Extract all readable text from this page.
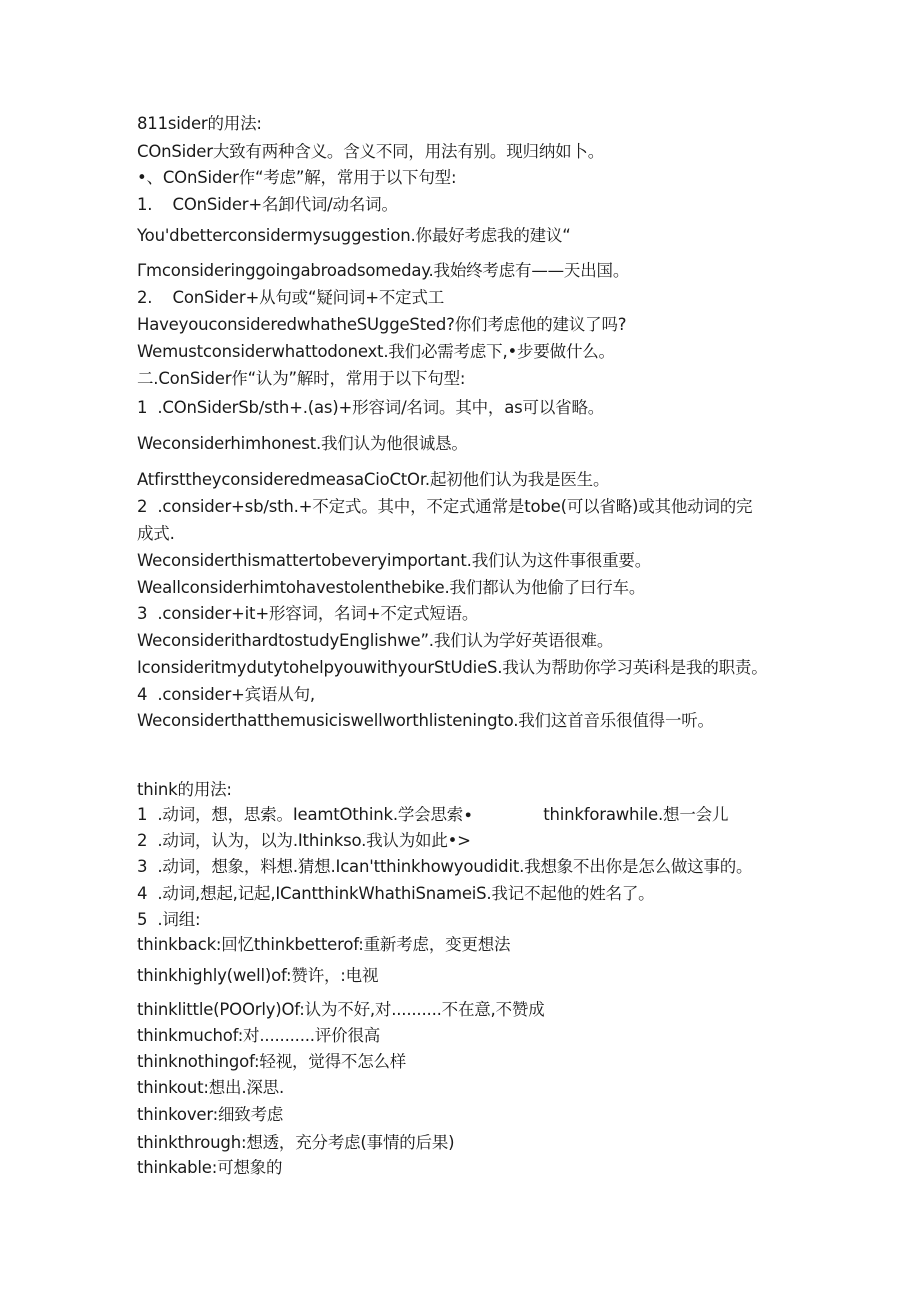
811sider的用法:
COnSider大致有两种含义。含义不同，用法有别。现归纳如卜。
•、COnSider作“考虑”解，常用于以下句型:
1.    COnSider+名卸代词/动名词。
You'dbetterconsidermysuggestion.你最好考虑我的建议“
Γmconsideringgoingabroadsomeday.我始终考虑有——天出国。
2.    ConSider+从句或“疑问词+不定式工
HaveyouconsideredwhatheSUggeSted?你们考虑他的建议了吗?
Wemustconsiderwhattodonext.我们必需考虑下,•步要做什么。
二.ConSider作“认为”解时，常用于以下句型:
1  .COnSiderSb∕sth+.(as)+形容词/名词。其中，as可以省略。
Weconsiderhimhonest.我们认为他很诚恳。
AtfirsttheyconsideredmeasaCioCtOr.起初他们认为我是医生。
2  .consider+sb∕sth.+不定式。其中，不定式通常是tobe(可以省略)或其他动词的完
成式.
Weconsiderthismattertobeveryimportant.我们认为这件事很重要。
Weallconsiderhimtohavestolenthebike.我们都认为他偷了曰行车。
3  .consider+it+形容词，名词+不定式短语。
WeconsiderithardtostudyEnglishwe”.我们认为学好英语很难。
IconsideritmydutytohelpyouwithyourStUdieS.我认为帮助你学习英i科是我的职责。
4  .consider+宾语从句,
Weconsiderthatthemusiciswellworthlisteningto.我们这首音乐很值得一听。
think的用法:
1  .动词，想，思索。IeamtOthink.学会思索∙	thinkforawhile.想一会儿
2  .动词，认为，以为.Ithinkso.我认为如此•>
3  .动词，想象，料想.猜想.Ican'tthinkhowyoudidit.我想象不出你是怎么做这事的。
4  .动词,想起,记起,ICantthinkWhathiSnameiS.我记不起他的姓名了。
5  .词组:
thinkback:回忆thinkbetterof:重新考虑，变更想法
thinkhighly(well)of:赞许，:电视
thinklittle(POOrly)Of:认为不好,对..........不在意,不赞成
thinkmuchof:对...........评价很高
thinknothingof:轻视，觉得不怎么样
thinkout:想出.深思.
thinkover:细致考虑
thinkthrough:想透，充分考虑(事情的后果)
thinkable:可想象的
